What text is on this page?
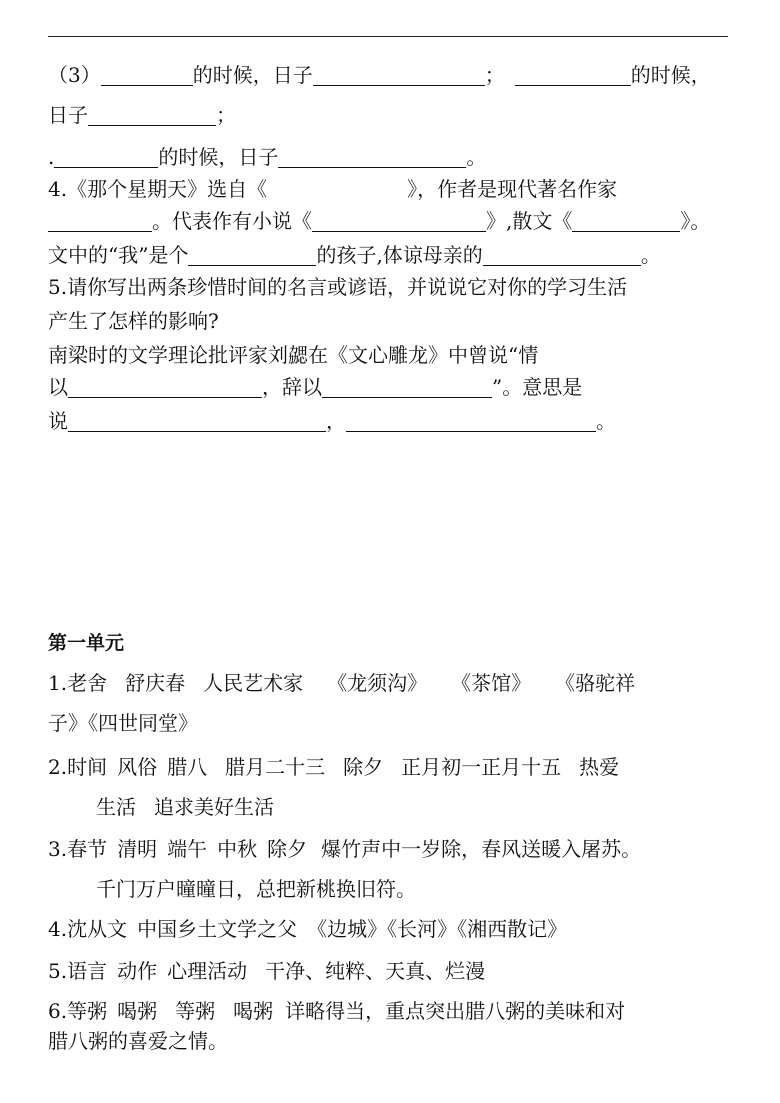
（3）	的时候，日子	；	的时候，
日子	；
.	的时候，日子	。
4.《那个星期天》选自《	》，作者是现代著名作家
。代表作有小说《	》,散文《	》。
文中的“我”是个	的孩子,体谅母亲的	。
5.请你写出两条珍惜时间的名言或谚语，并说说它对你的学习生活
产生了怎样的影响?
南梁时的文学理论批评家刘勰在《文心雕龙》中曾说“情
以	，辞以	”。意思是
说	，	。
第一单元
1.老舍 舒庆春 人民艺术家 《龙须沟》 《茶馆》 《骆驼祥
子》《四世同堂》
2.时间 风俗 腊八 腊月二十三 除夕 正月初一正月十五 热爱
生活 追求美好生活
3.春节 清明 端午 中秋 除夕 爆竹声中一岁除，春风送暖入屠苏。
千门万户曈曈日，总把新桃换旧符。
4.沈从文 中国乡土文学之父 《边城》《长河》《湘西散记》
5.语言 动作 心理活动 干净、纯粹、天真、烂漫
6.等粥 喝粥 等粥 喝粥 详略得当，重点突出腊八粥的美味和对
腊八粥的喜爱之情。
